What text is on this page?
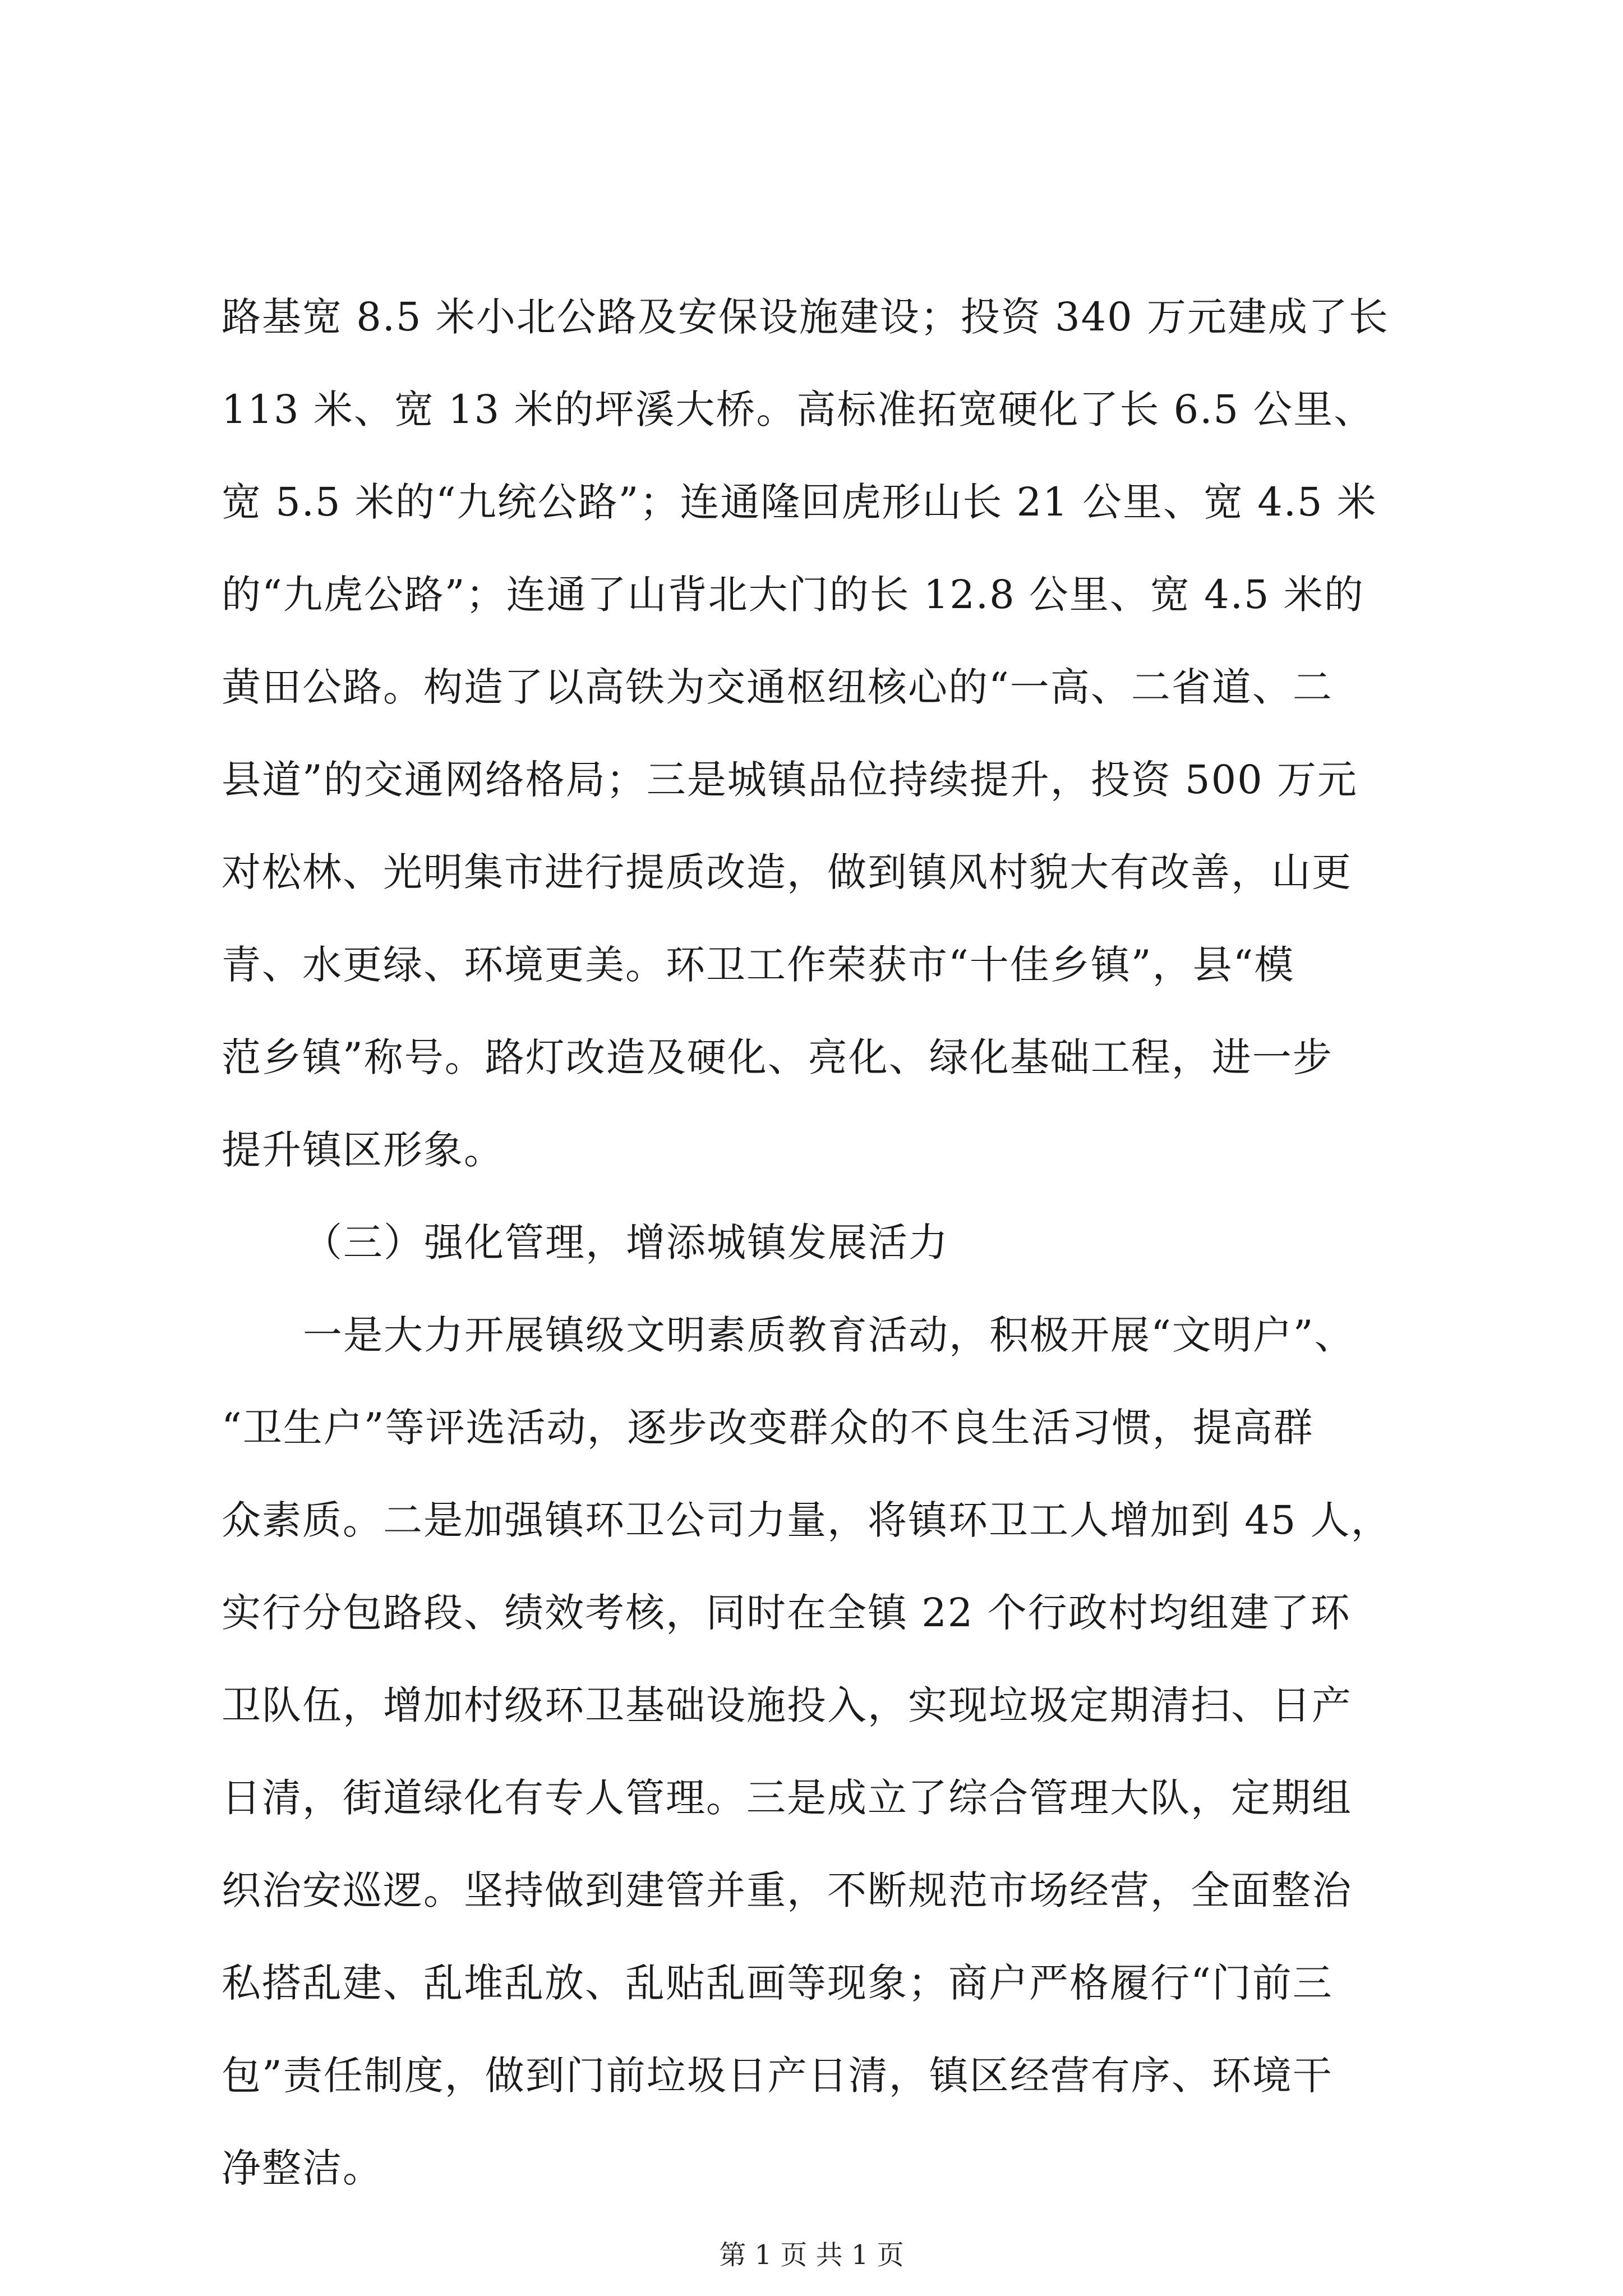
路基宽 8.5 米小北公路及安保设施建设；投资 340 万元建成了长
113 米、宽 13 米的坪溪大桥。高标准拓宽硬化了长 6.5 公里、
宽 5.5 米的“九统公路”；连通隆回虎形山长 21 公里、宽 4.5 米
的“九虎公路”；连通了山背北大门的长 12.8 公里、宽 4.5 米的
黄田公路。构造了以高铁为交通枢纽核心的“一高、二省道、二
县道”的交通网络格局；三是城镇品位持续提升，投资 500 万元
对松林、光明集市进行提质改造，做到镇风村貌大有改善，山更
青、水更绿、环境更美。环卫工作荣获市“十佳乡镇”，县“模
范乡镇”称号。路灯改造及硬化、亮化、绿化基础工程，进一步
提升镇区形象。
（三）强化管理，增添城镇发展活力
一是大力开展镇级文明素质教育活动，积极开展“文明户”、
“卫生户”等评选活动，逐步改变群众的不良生活习惯，提高群
众素质。二是加强镇环卫公司力量，将镇环卫工人增加到 45 人，
实行分包路段、绩效考核，同时在全镇 22 个行政村均组建了环
卫队伍，增加村级环卫基础设施投入，实现垃圾定期清扫、日产
日清，街道绿化有专人管理。三是成立了综合管理大队，定期组
织治安巡逻。坚持做到建管并重，不断规范市场经营，全面整治
私搭乱建、乱堆乱放、乱贴乱画等现象；商户严格履行“门前三
包”责任制度，做到门前垃圾日产日清，镇区经营有序、环境干
净整洁。
第 1 页 共 1 页
